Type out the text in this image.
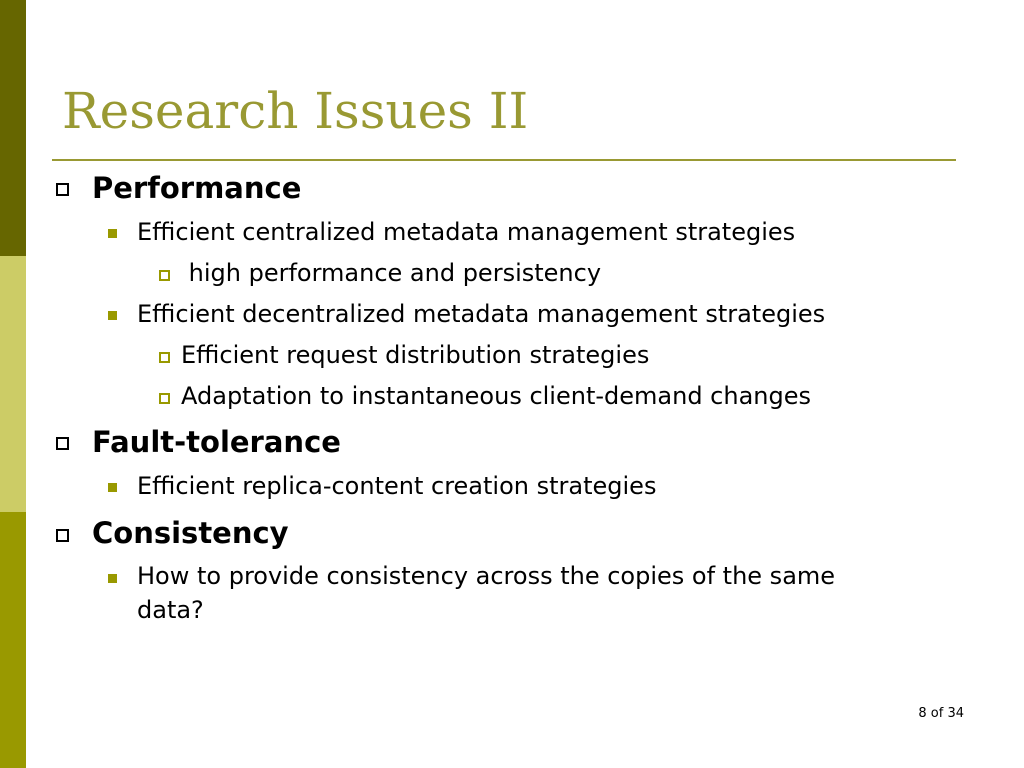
Research Issues II
Performance
Efficient centralized metadata management strategies
high performance and persistency
Efficient decentralized metadata management strategies
Efficient request distribution strategies
Adaptation to instantaneous client-demand changes
Fault-tolerance
Efficient replica-content creation strategies
Consistency
How to provide consistency across the copies of the same
data?
8 of 34
